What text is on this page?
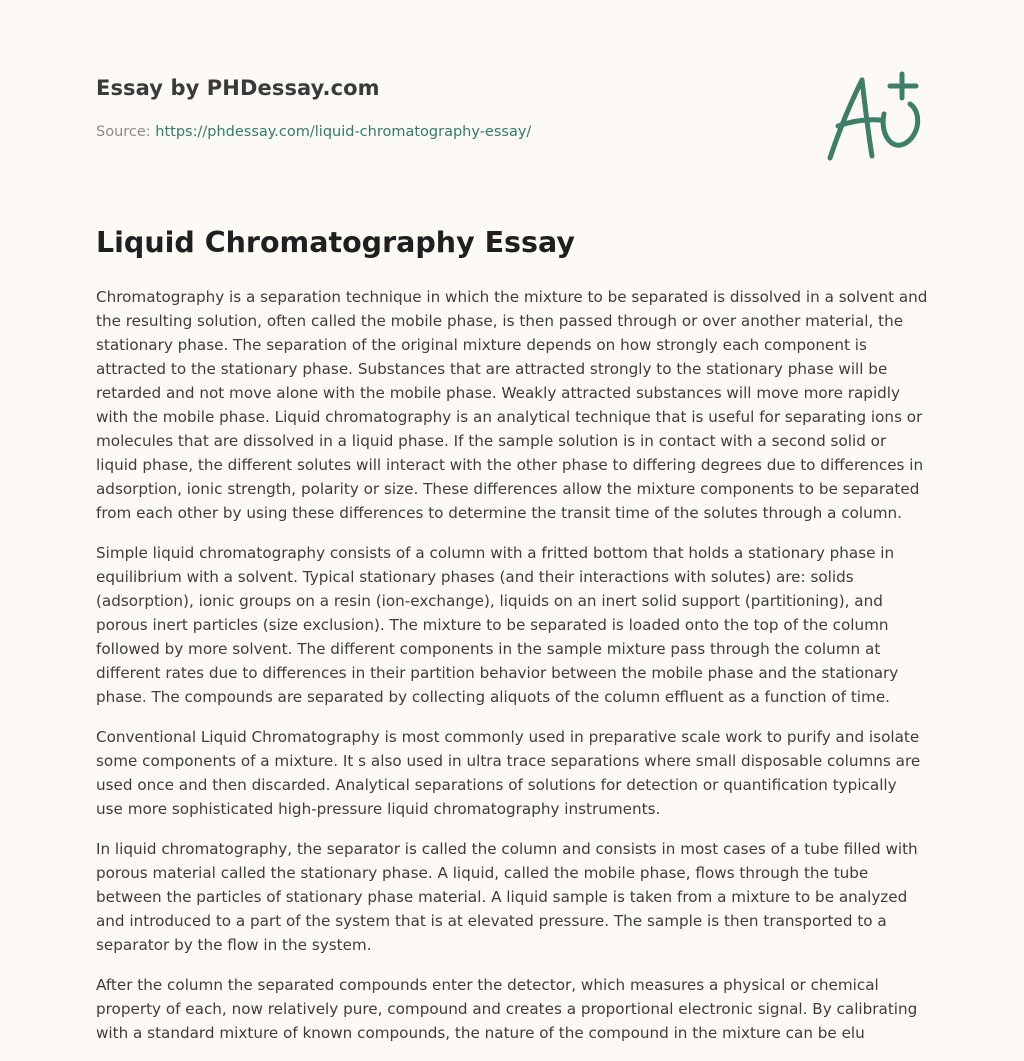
Essay by PHDessay.com
Source: https://phdessay.com/liquid-chromatography-essay/
Liquid Chromatography Essay

Chromatography is a separation technique in which the mixture to be separated is dissolved in a solvent and the resulting solution, often called the mobile phase, is then passed through or over another material, the stationary phase. The separation of the original mixture depends on how strongly each component is attracted to the stationary phase. Substances that are attracted strongly to the stationary phase will be retarded and not move alone with the mobile phase. Weakly attracted substances will move more rapidly with the mobile phase. Liquid chromatography is an analytical technique that is useful for separating ions or molecules that are dissolved in a liquid phase. If the sample solution is in contact with a second solid or liquid phase, the different solutes will interact with the other phase to differing degrees due to differences in adsorption, ionic strength, polarity or size. These differences allow the mixture components to be separated from each other by using these differences to determine the transit time of the solutes through a column.

Simple liquid chromatography consists of a column with a fritted bottom that holds a stationary phase in equilibrium with a solvent. Typical stationary phases (and their interactions with solutes) are: solids (adsorption), ionic groups on a resin (ion-exchange), liquids on an inert solid support (partitioning), and porous inert particles (size exclusion). The mixture to be separated is loaded onto the top of the column followed by more solvent. The different components in the sample mixture pass through the column at different rates due to differences in their partition behavior between the mobile phase and the stationary phase. The compounds are separated by collecting aliquots of the column effluent as a function of time.

Conventional Liquid Chromatography is most commonly used in preparative scale work to purify and isolate some components of a mixture. It s also used in ultra trace separations where small disposable columns are used once and then discarded. Analytical separations of solutions for detection or quantification typically use more sophisticated high-pressure liquid chromatography instruments.

In liquid chromatography, the separator is called the column and consists in most cases of a tube filled with porous material called the stationary phase. A liquid, called the mobile phase, flows through the tube between the particles of stationary phase material. A liquid sample is taken from a mixture to be analyzed and introduced to a part of the system that is at elevated pressure. The sample is then transported to a separator by the flow in the system.

After the column the separated compounds enter the detector, which measures a physical or chemical property of each, now relatively pure, compound and creates a proportional electronic signal. By calibrating with a standard mixture of known compounds, the nature of the compound in the mixture can be elu
